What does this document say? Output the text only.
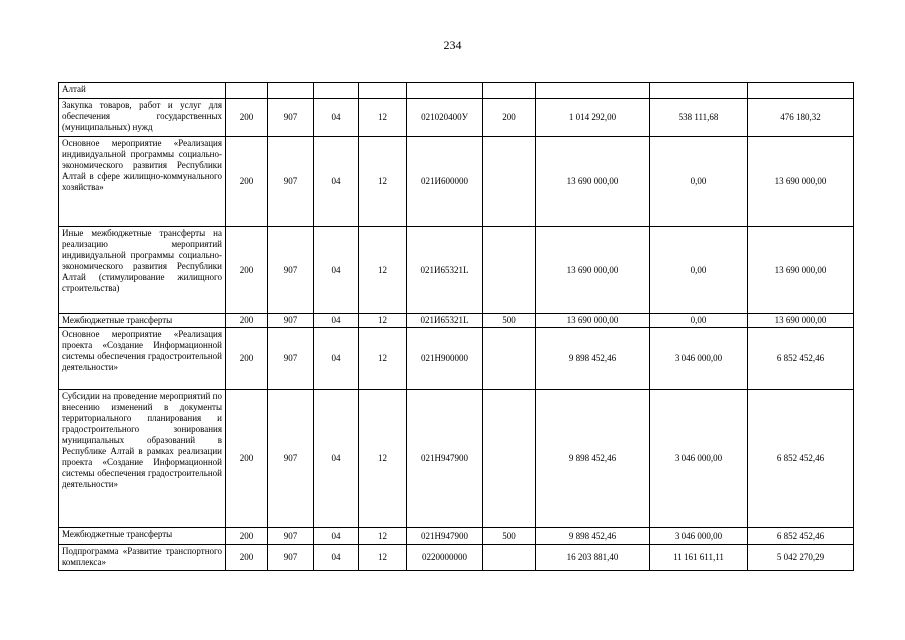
234
Алтай									
Закупка товаров, работ и услуг для обеспечения государственных (муниципальных) нужд	200	907	04	12	021020400У	200	1 014 292,00	538 111,68	476 180,32
Основное мероприятие «Реализация индивидуальной программы социально-экономического развития Республики Алтай в сфере жилищно-коммунального хозяйства»	200	907	04	12	021И600000		13 690 000,00	0,00	13 690 000,00
Иные межбюджетные трансферты на реализацию мероприятий индивидуальной программы социально-экономического развития Республики Алтай (стимулирование жилищного строительства)	200	907	04	12	021И65321L		13 690 000,00	0,00	13 690 000,00
Межбюджетные трансферты	200	907	04	12	021И65321L	500	13 690 000,00	0,00	13 690 000,00
Основное мероприятие «Реализация проекта «Создание Информационной системы обеспечения градостроительной деятельности»	200	907	04	12	021Н900000		9 898 452,46	3 046 000,00	6 852 452,46
Субсидии на проведение мероприятий по внесению изменений в документы территориального планирования и градостроительного зонирования муниципальных образований в Республике Алтай в рамках реализации проекта «Создание Информационной системы обеспечения градостроительной деятельности»	200	907	04	12	021Н947900		9 898 452,46	3 046 000,00	6 852 452,46
Межбюджетные трансферты	200	907	04	12	021Н947900	500	9 898 452,46	3 046 000,00	6 852 452,46
Подпрограмма «Развитие транспортного комплекса»	200	907	04	12	0220000000		16 203 881,40	11 161 611,11	5 042 270,29
